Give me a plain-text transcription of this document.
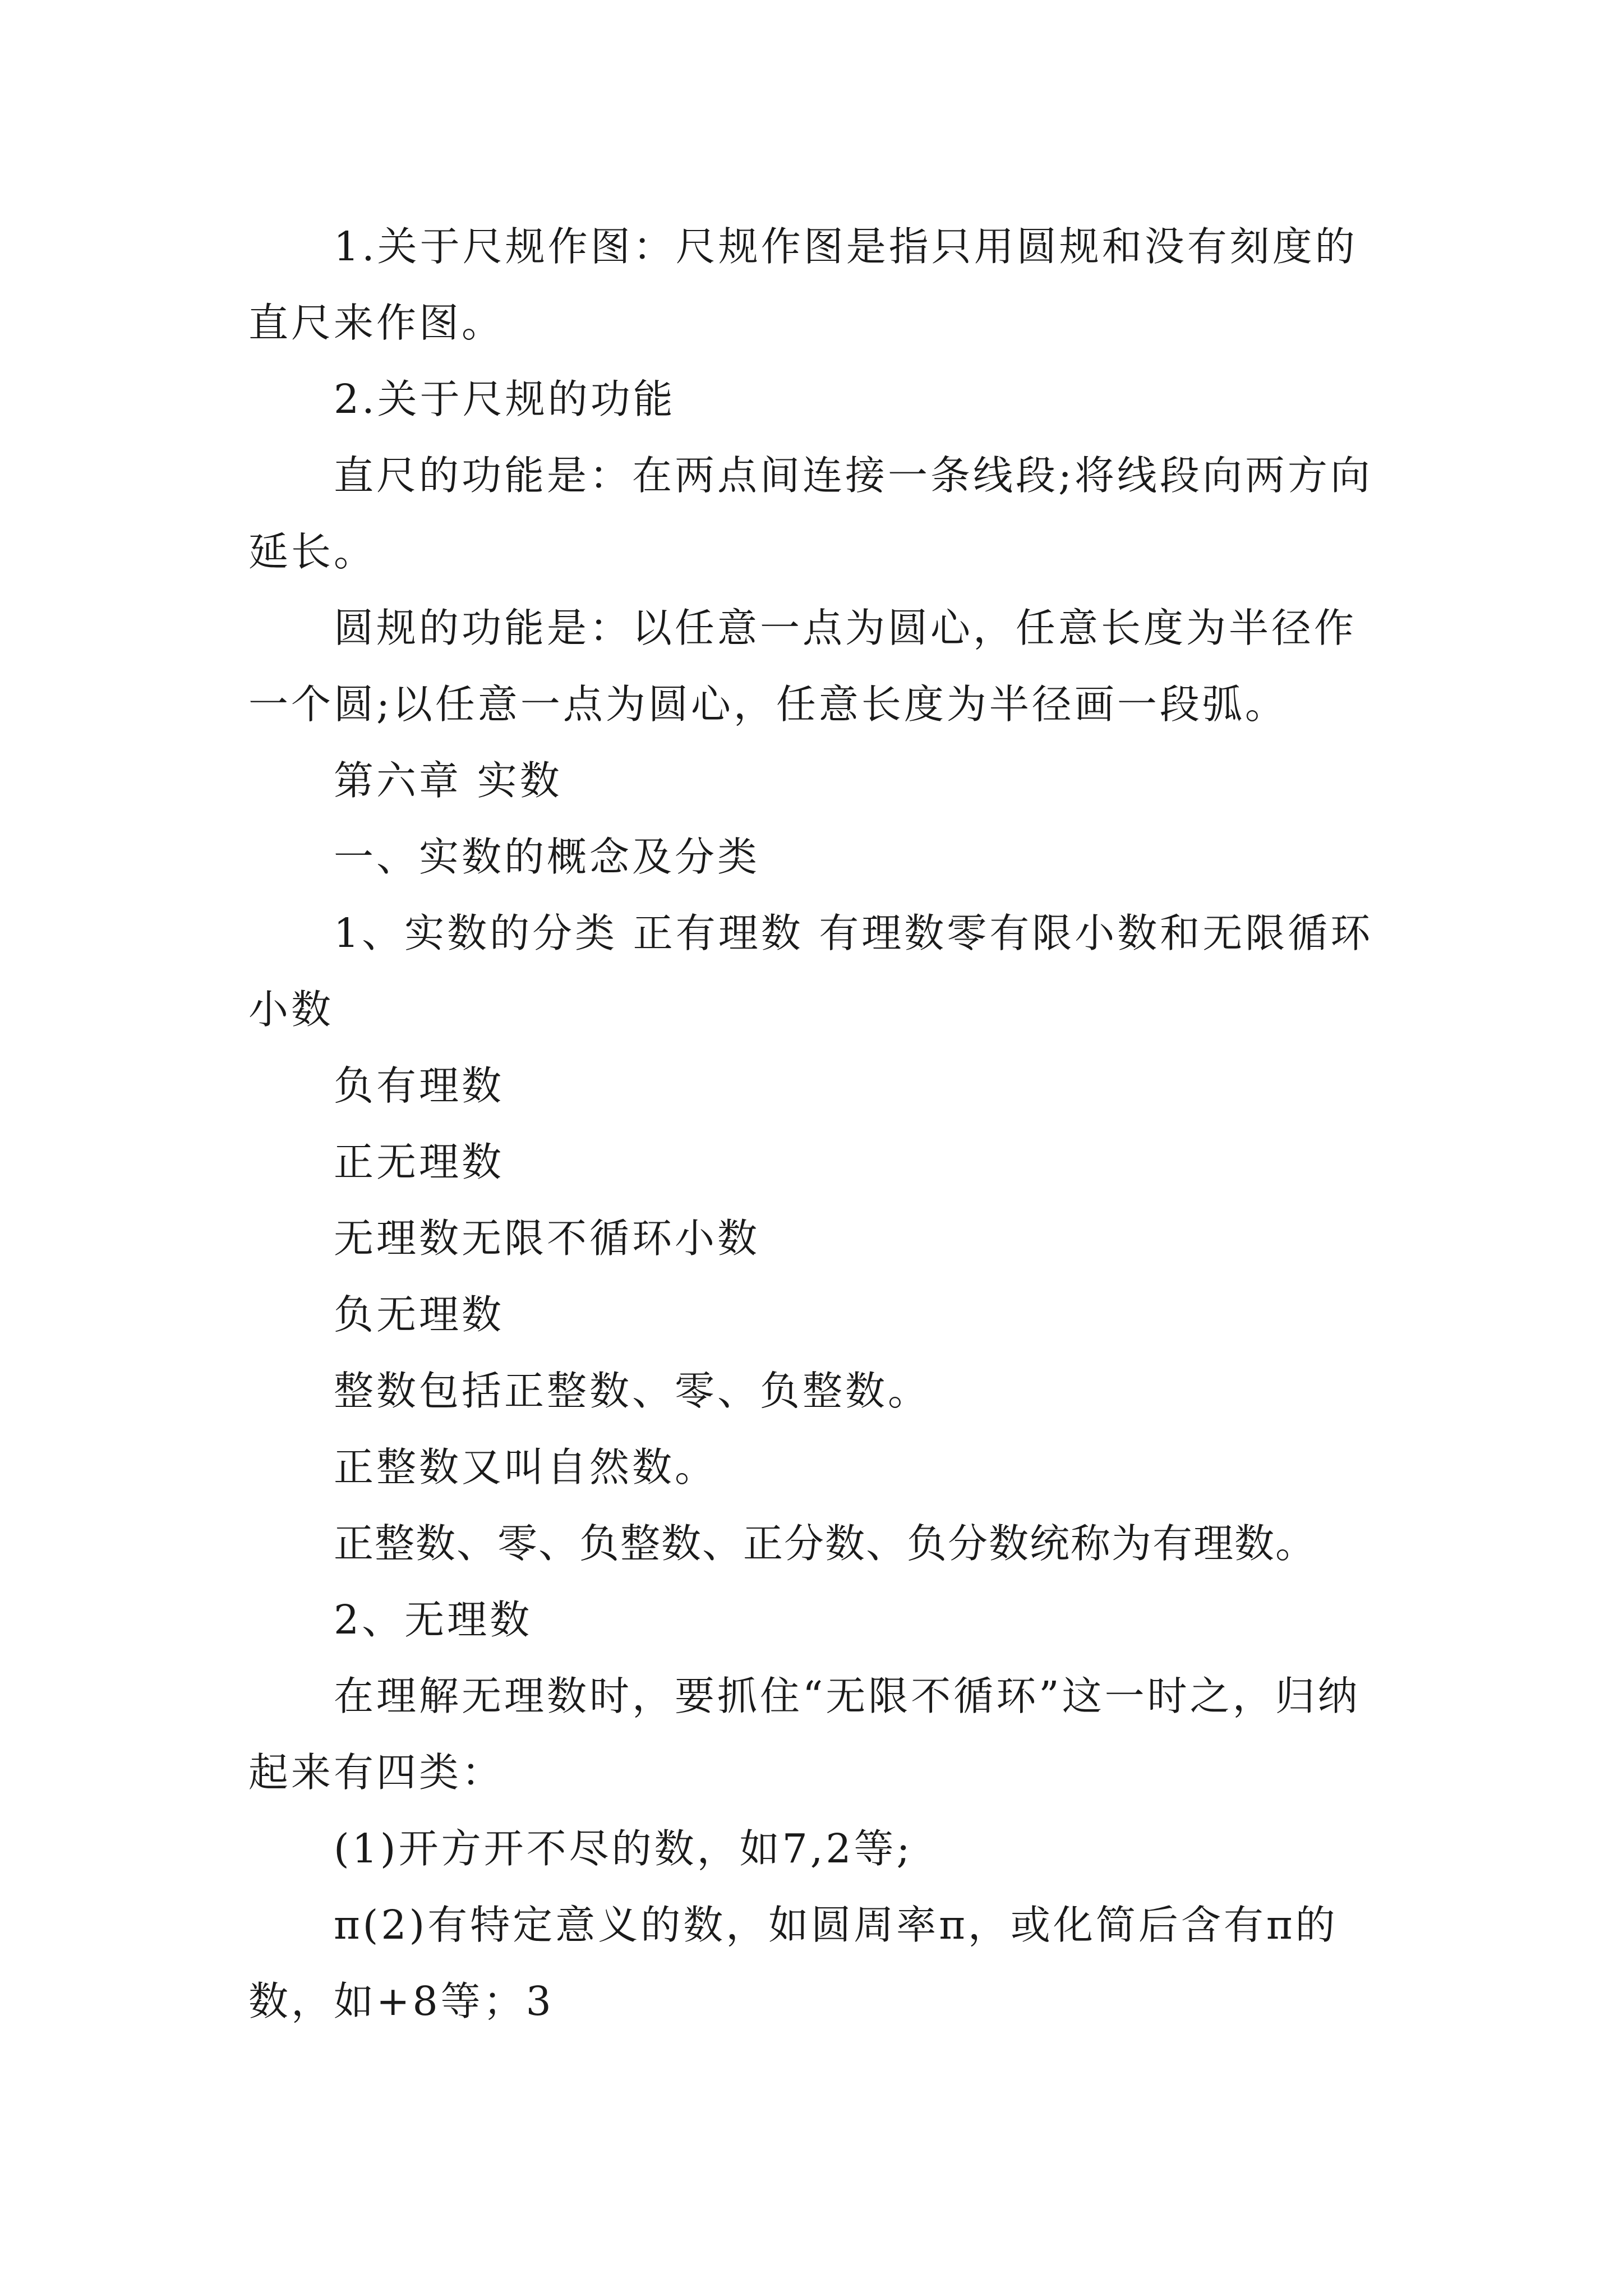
1.关于尺规作图：尺规作图是指只用圆规和没有刻度的直尺来作图。

2.关于尺规的功能

直尺的功能是：在两点间连接一条线段;将线段向两方向延长。

圆规的功能是：以任意一点为圆心，任意长度为半径作一个圆;以任意一点为圆心，任意长度为半径画一段弧。

第六章 实数

一、实数的概念及分类

1、实数的分类 正有理数 有理数零有限小数和无限循环小数

负有理数

正无理数

无理数无限不循环小数

负无理数

整数包括正整数、零、负整数。

正整数又叫自然数。

正整数、零、负整数、正分数、负分数统称为有理数。

2、无理数

在理解无理数时，要抓住“无限不循环”这一时之，归纳起来有四类：

(1)开方开不尽的数，如7,2等;

π(2)有特定意义的数，如圆周率π，或化简后含有π的数，如+8等；3
